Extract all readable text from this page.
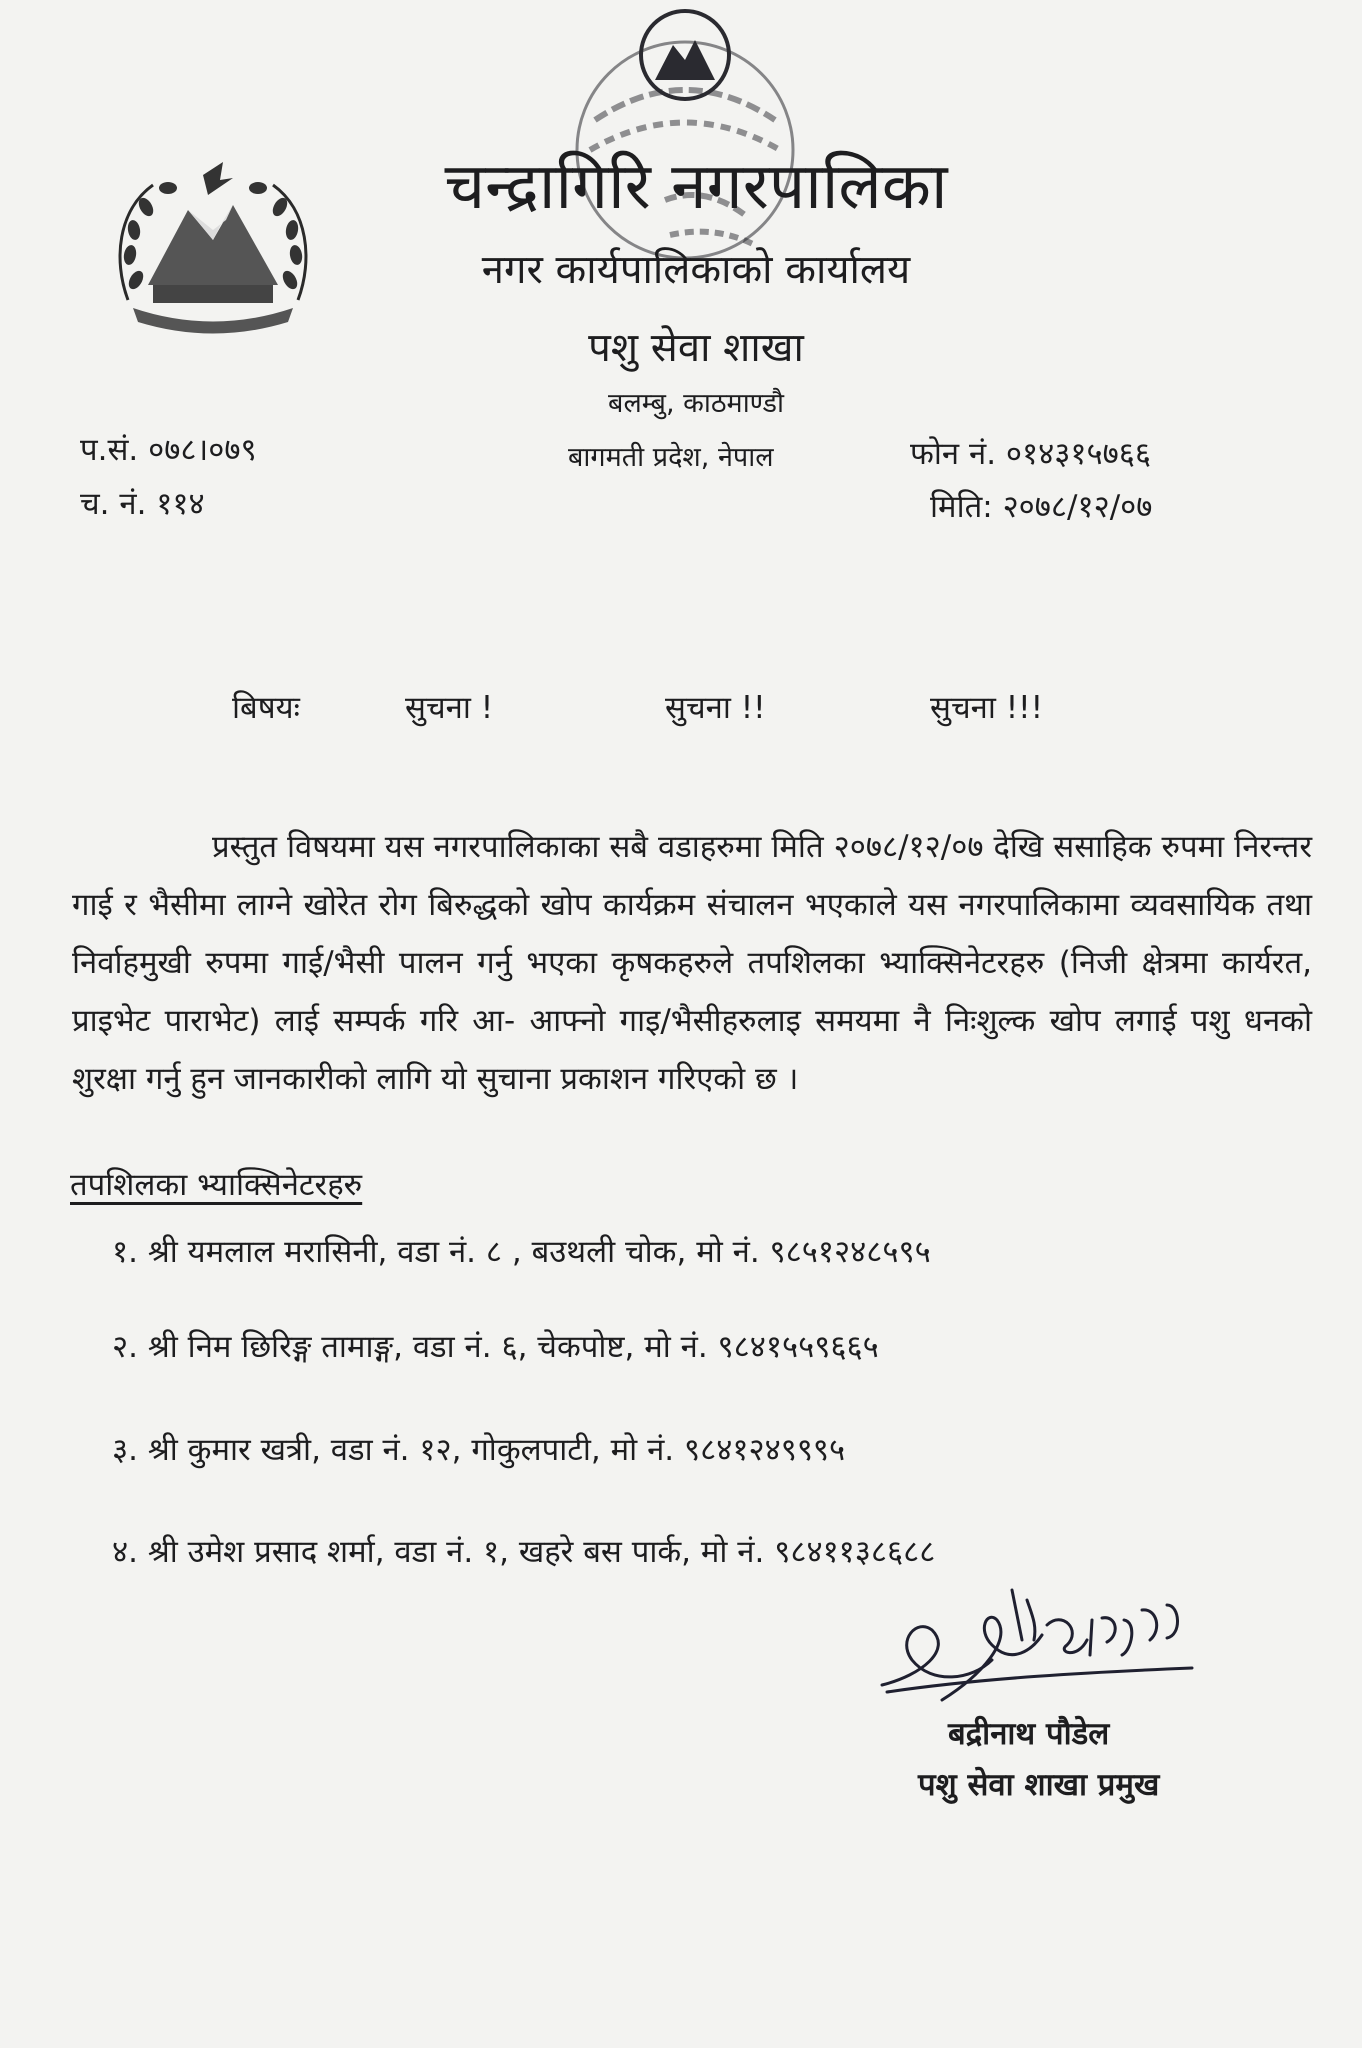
चन्द्रागिरि नगरपालिका
नगर कार्यपालिकाको कार्यालय
पशु सेवा शाखा
बलम्बु, काठमाण्डौ
बागमती प्रदेश, नेपाल
प.सं. ०७८।०७९
च. नं. ११४
फोन नं. ०१४३१५७६६
मिति: २०७८/१२/०७
बिषयः	सुचना !	सुचना !!	सुचना !!!

प्रस्तुत विषयमा यस नगरपालिकाका सबै वडाहरुमा मिति २०७८/१२/०७ देखि ससाहिक रुपमा निरन्तर गाई र भैसीमा लाग्ने खोरेत रोग बिरुद्धको खोप कार्यक्रम संचालन भएकाले यस नगरपालिकामा व्यवसायिक तथा निर्वाहमुखी रुपमा गाई/भैसी पालन गर्नु भएका कृषकहरुले तपशिलका भ्याक्सिनेटरहरु (निजी क्षेत्रमा कार्यरत, प्राइभेट पाराभेट) लाई सम्पर्क गरि आ- आफ्नो गाइ/भैसीहरुलाइ समयमा नै निःशुल्क खोप लगाई पशु धनको शुरक्षा गर्नु हुन जानकारीको लागि यो सुचाना प्रकाशन गरिएको छ ।

तपशिलका भ्याक्सिनेटरहरु
१. श्री यमलाल मरासिनी, वडा नं. ८ , बउथली चोक, मो नं. ९८५१२४८५९५
२. श्री निम छिरिङ्ग तामाङ्ग, वडा नं. ६, चेकपोष्ट, मो नं. ९८४१५५९६६५
३. श्री कुमार खत्री, वडा नं. १२, गोकुलपाटी, मो नं. ९८४१२४९९९५
४. श्री उमेश प्रसाद शर्मा, वडा नं. १, खहरे बस पार्क, मो नं. ९८४११३८६८८
बद्रीनाथ पौडेल
पशु सेवा शाखा प्रमुख
